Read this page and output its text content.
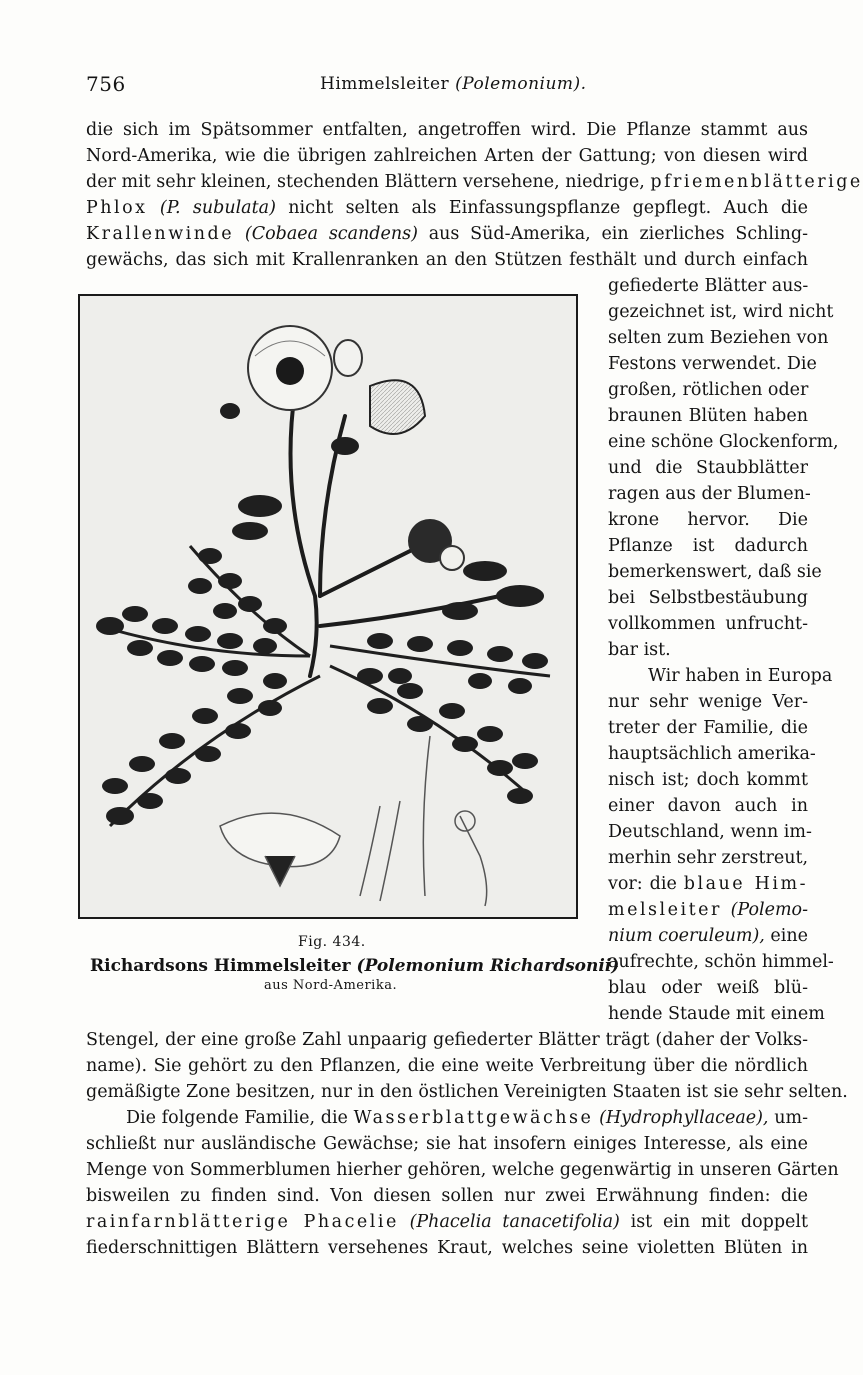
756	Himmelsleiter (Polemonium).
die sich im Spätsommer entfalten, angetroffen wird. Die Pflanze stammt aus
Nord-Amerika, wie die übrigen zahlreichen Arten der Gattung; von diesen wird
der mit sehr kleinen, stechenden Blättern versehene, niedrige, pfriemenblätterige
Phlox (P. subulata) nicht selten als Einfassungspflanze gepflegt. Auch die
Krallenwinde (Cobaea scandens) aus Süd-Amerika, ein zierliches Schling-
gewächs, das sich mit Krallenranken an den Stützen festhält und durch einfach
gefiederte Blätter aus-
gezeichnet ist, wird nicht
selten zum Beziehen von
Festons verwendet. Die
großen, rötlichen oder
braunen Blüten haben
eine schöne Glockenform,
und die Staubblätter
ragen aus der Blumen-
krone hervor. Die
Pflanze ist dadurch
bemerkenswert, daß sie
bei Selbstbestäubung
vollkommen unfrucht-
bar ist.
Wir haben in Europa
nur sehr wenige Ver-
treter der Familie, die
hauptsächlich amerika-
nisch ist; doch kommt
einer davon auch in
Deutschland, wenn im-
merhin sehr zerstreut,
vor: die blaue Him-
melsleiter (Polemo-
nium coeruleum), eine
aufrechte, schön himmel-
blau oder weiß blü-
hende Staude mit einem
Fig. 434.
Richardsons Himmelsleiter (Polemonium Richardsonii)
aus Nord-Amerika.
Stengel, der eine große Zahl unpaarig gefiederter Blätter trägt (daher der Volks-
name). Sie gehört zu den Pflanzen, die eine weite Verbreitung über die nördlich
gemäßigte Zone besitzen, nur in den östlichen Vereinigten Staaten ist sie sehr selten.
Die folgende Familie, die Wasserblattgewächse (Hydrophyllaceae), um-
schließt nur ausländische Gewächse; sie hat insofern einiges Interesse, als eine
Menge von Sommerblumen hierher gehören, welche gegenwärtig in unseren Gärten
bisweilen zu finden sind. Von diesen sollen nur zwei Erwähnung finden: die
rainfarnblätterige Phacelie (Phacelia tanacetifolia) ist ein mit doppelt
fiederschnittigen Blättern versehenes Kraut, welches seine violetten Blüten in
